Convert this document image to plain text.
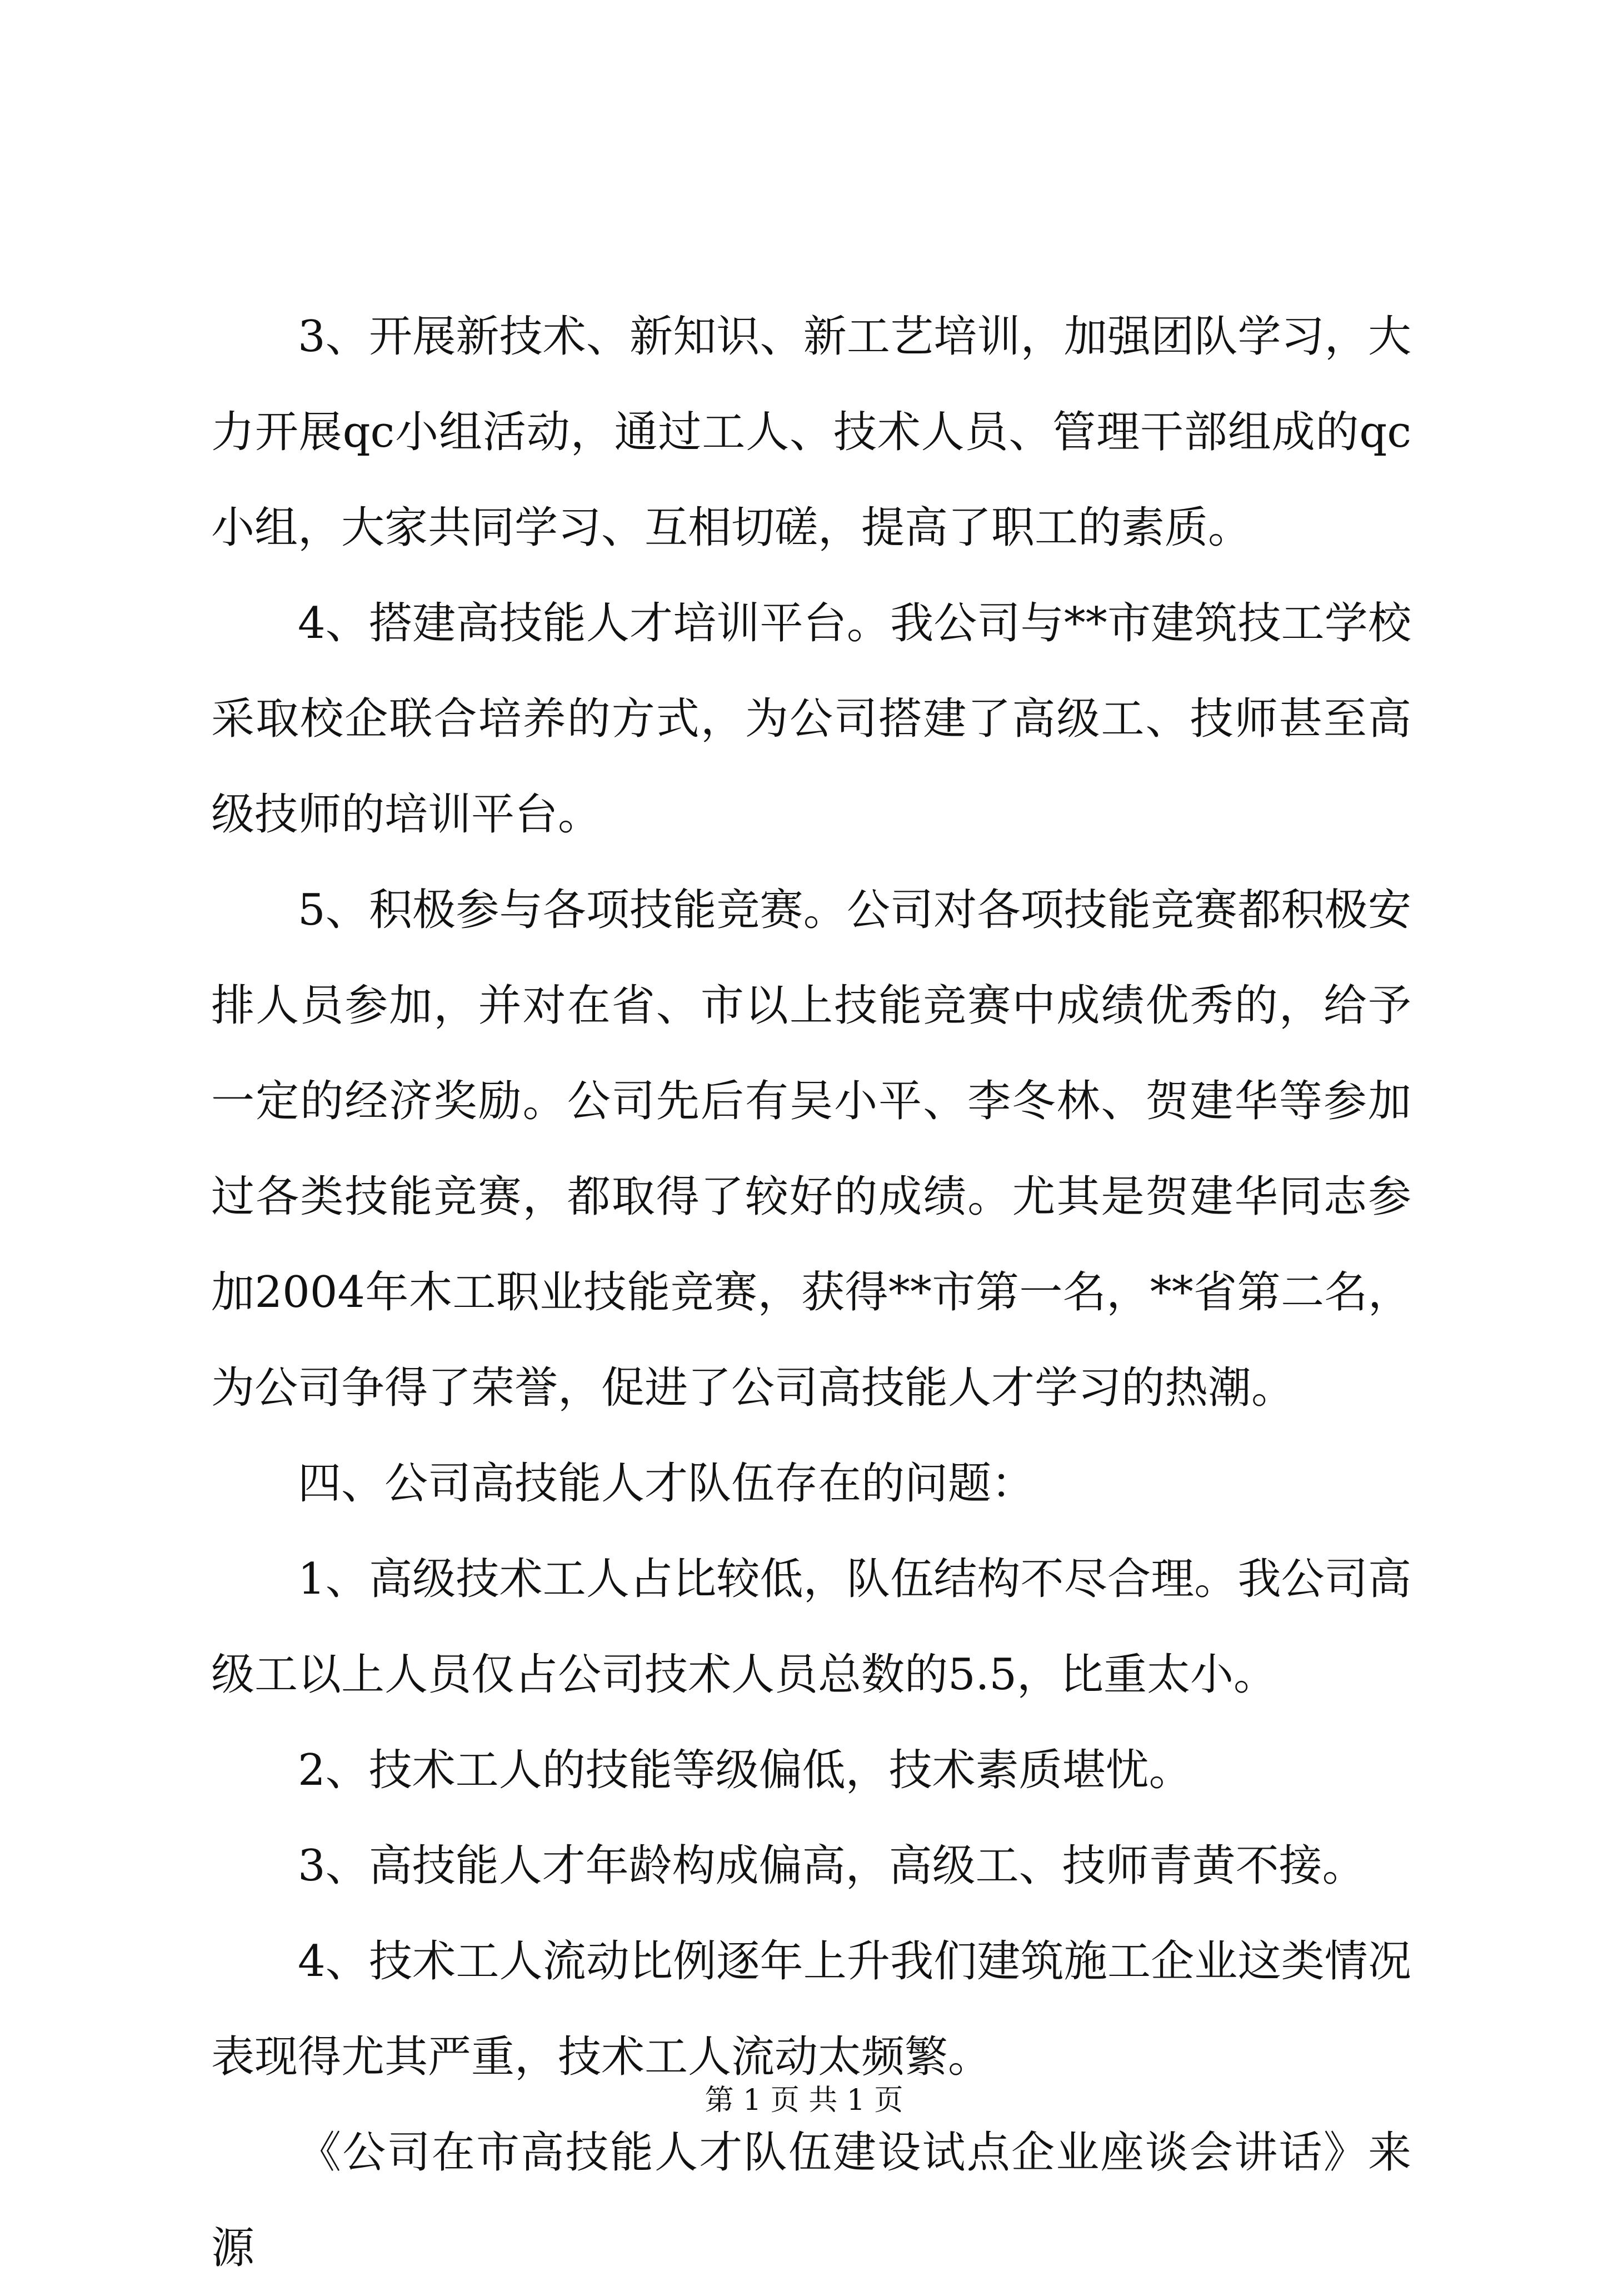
3、开展新技术、新知识、新工艺培训，加强团队学习，大力开展qc小组活动，通过工人、技术人员、管理干部组成的qc小组，大家共同学习、互相切磋，提高了职工的素质。

4、搭建高技能人才培训平台。我公司与**市建筑技工学校采取校企联合培养的方式，为公司搭建了高级工、技师甚至高级技师的培训平台。

5、积极参与各项技能竞赛。公司对各项技能竞赛都积极安排人员参加，并对在省、市以上技能竞赛中成绩优秀的，给予一定的经济奖励。公司先后有吴小平、李冬林、贺建华等参加过各类技能竞赛，都取得了较好的成绩。尤其是贺建华同志参加2004年木工职业技能竞赛，获得**市第一名，**省第二名，为公司争得了荣誉，促进了公司高技能人才学习的热潮。

四、公司高技能人才队伍存在的问题：

1、高级技术工人占比较低，队伍结构不尽合理。我公司高级工以上人员仅占公司技术人员总数的5.5，比重太小。

2、技术工人的技能等级偏低，技术素质堪忧。

3、高技能人才年龄构成偏高，高级工、技师青黄不接。

4、技术工人流动比例逐年上升我们建筑施工企业这类情况表现得尤其严重，技术工人流动太频繁。

《公司在市高技能人才队伍建设试点企业座谈会讲话》来源

第 1 页 共 1 页
